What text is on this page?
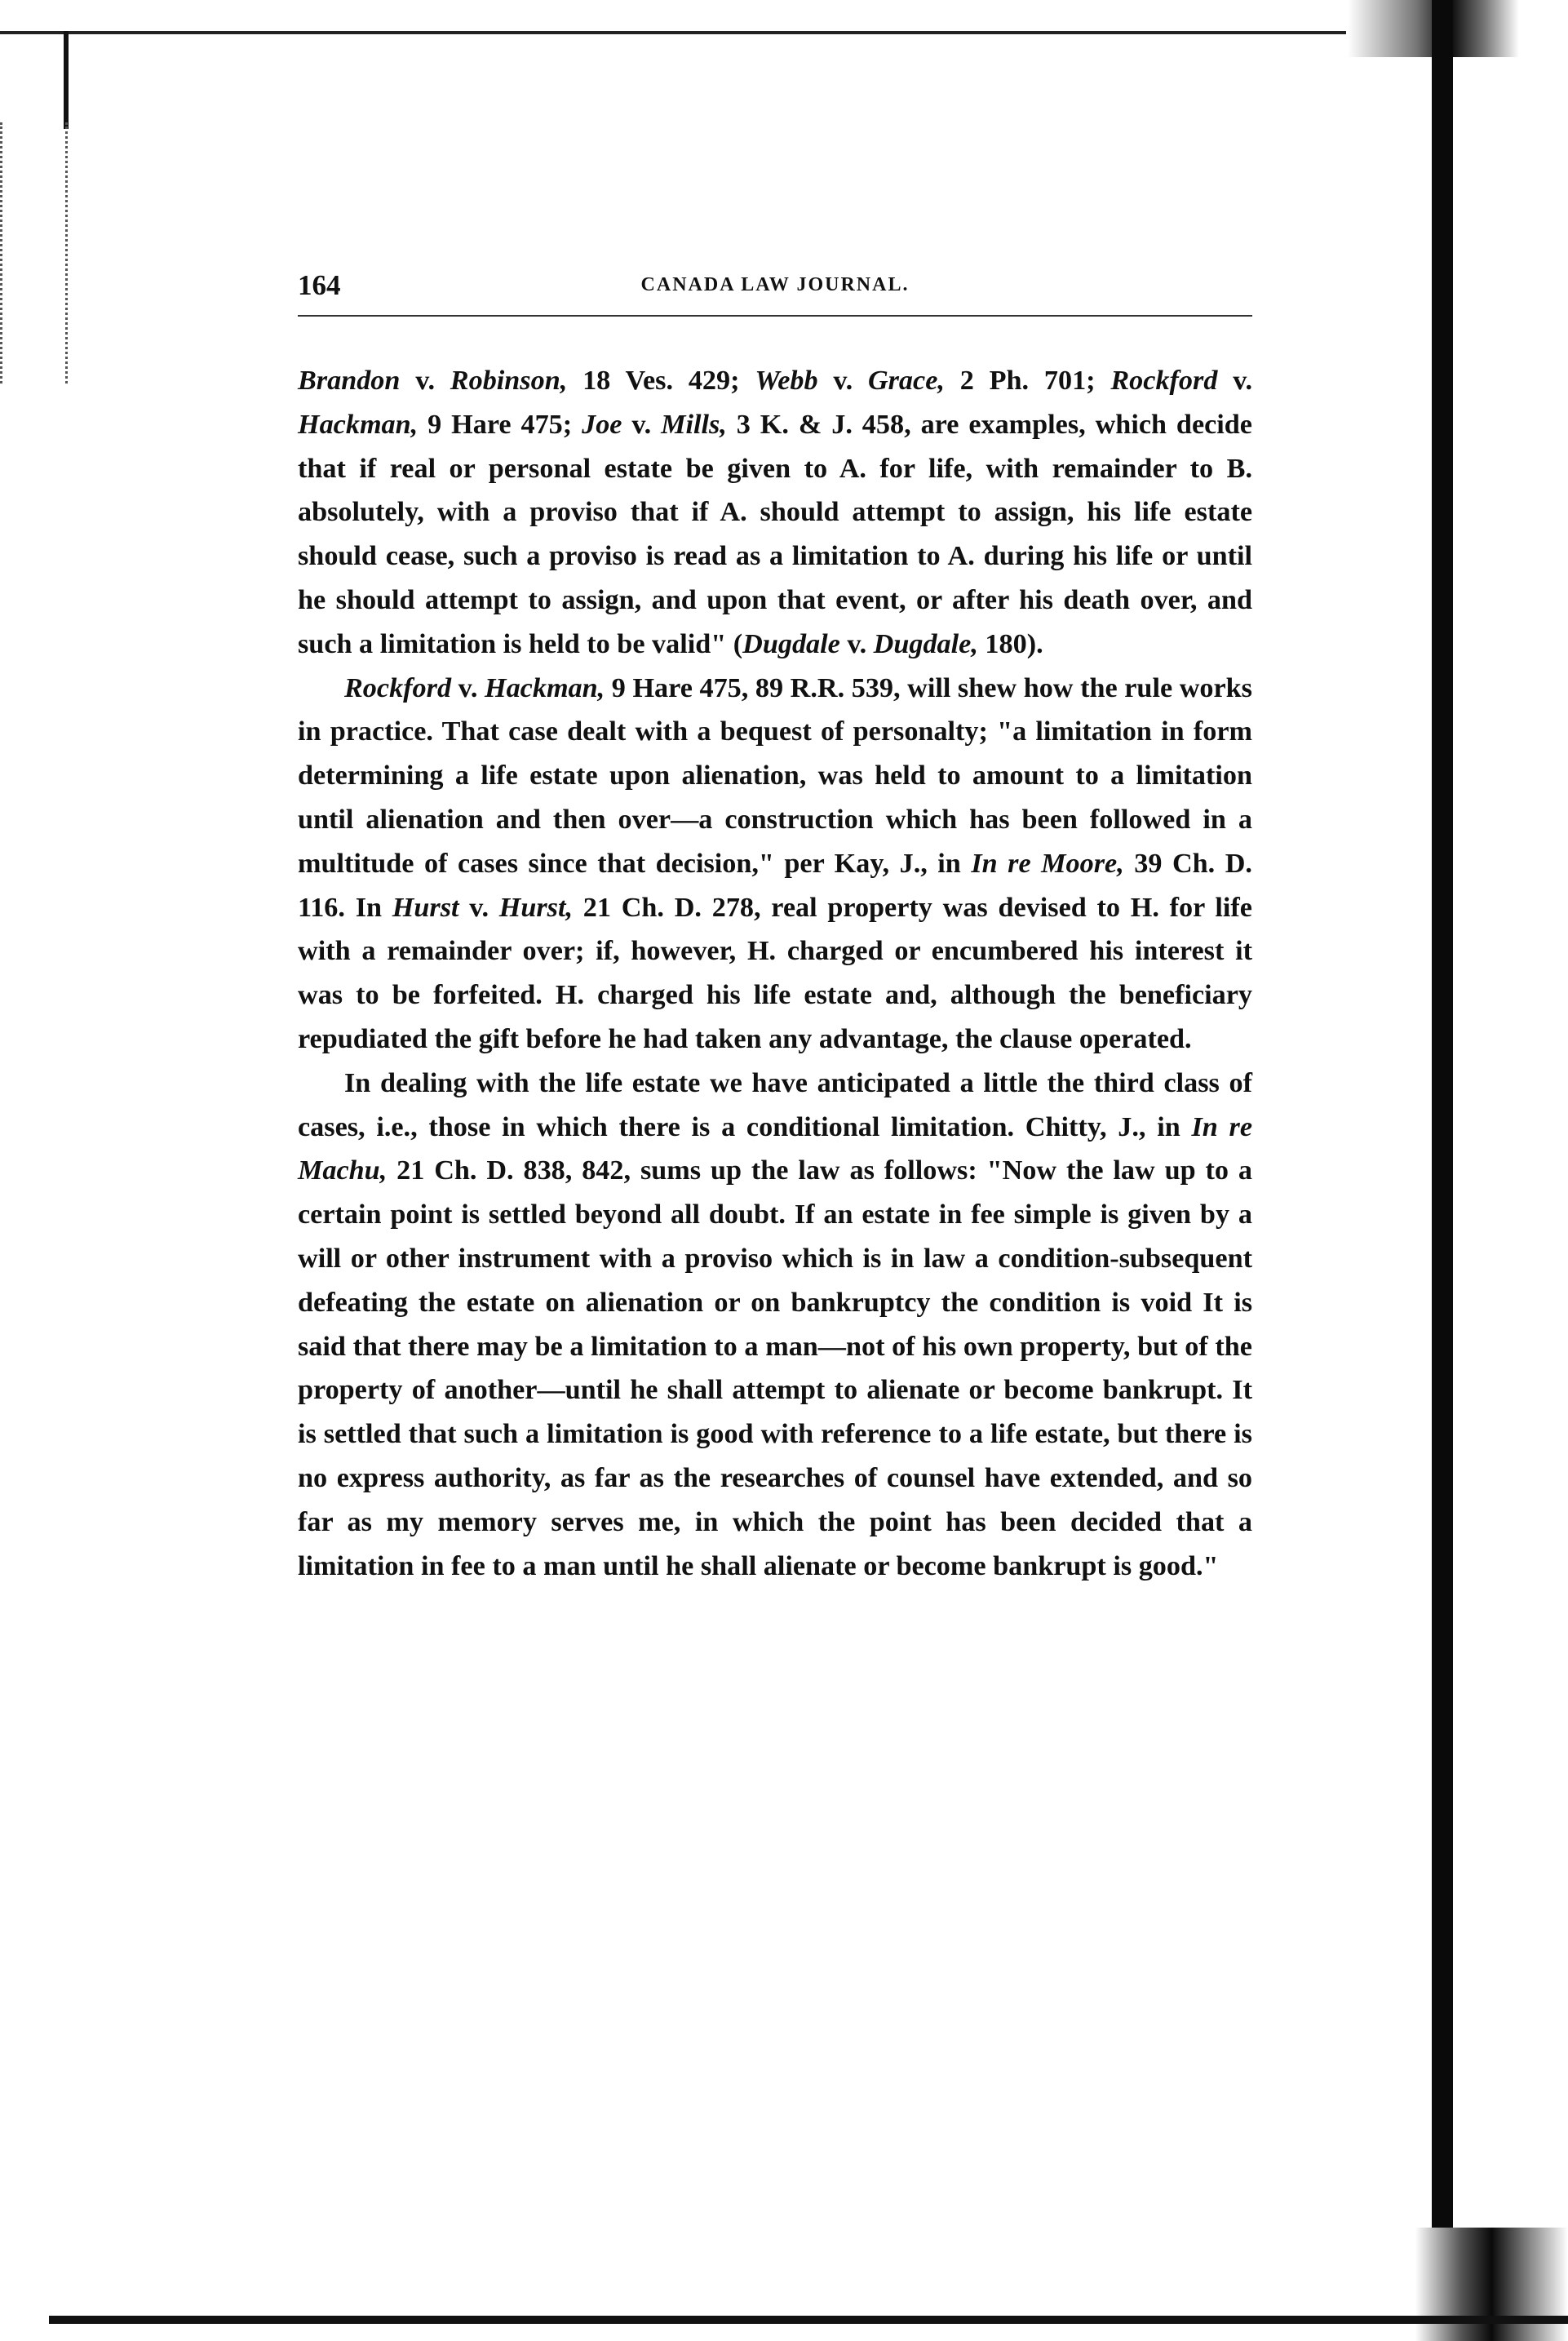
164	CANADA LAW JOURNAL.

Brandon v. Robinson, 18 Ves. 429; Webb v. Grace, 2 Ph. 701; Rockford v. Hackman, 9 Hare 475; Joe v. Mills, 3 K. & J. 458, are examples, which decide that if real or personal estate be given to A. for life, with remainder to B. absolutely, with a proviso that if A. should attempt to assign, his life estate should cease, such a proviso is read as a limitation to A. during his life or until he should attempt to assign, and upon that event, or after his death over, and such a limitation is held to be valid" (Dugdale v. Dugdale, 180).

Rockford v. Hackman, 9 Hare 475, 89 R.R. 539, will shew how the rule works in practice. That case dealt with a bequest of personalty; "a limitation in form determining a life estate upon alienation, was held to amount to a limitation until alienation and then over—a construction which has been followed in a multitude of cases since that decision," per Kay, J., in In re Moore, 39 Ch. D. 116. In Hurst v. Hurst, 21 Ch. D. 278, real property was devised to H. for life with a remainder over; if, however, H. charged or encumbered his interest it was to be forfeited. H. charged his life estate and, although the beneficiary repudiated the gift before he had taken any advantage, the clause operated.

In dealing with the life estate we have anticipated a little the third class of cases, i.e., those in which there is a conditional limitation. Chitty, J., in In re Machu, 21 Ch. D. 838, 842, sums up the law as follows: "Now the law up to a certain point is settled beyond all doubt. If an estate in fee simple is given by a will or other instrument with a proviso which is in law a condition-subsequent defeating the estate on alienation or on bankruptcy the condition is void It is said that there may be a limitation to a man—not of his own property, but of the property of another—until he shall attempt to alienate or become bankrupt. It is settled that such a limitation is good with reference to a life estate, but there is no express authority, as far as the researches of counsel have extended, and so far as my memory serves me, in which the point has been decided that a limitation in fee to a man until he shall alienate or become bankrupt is good."
